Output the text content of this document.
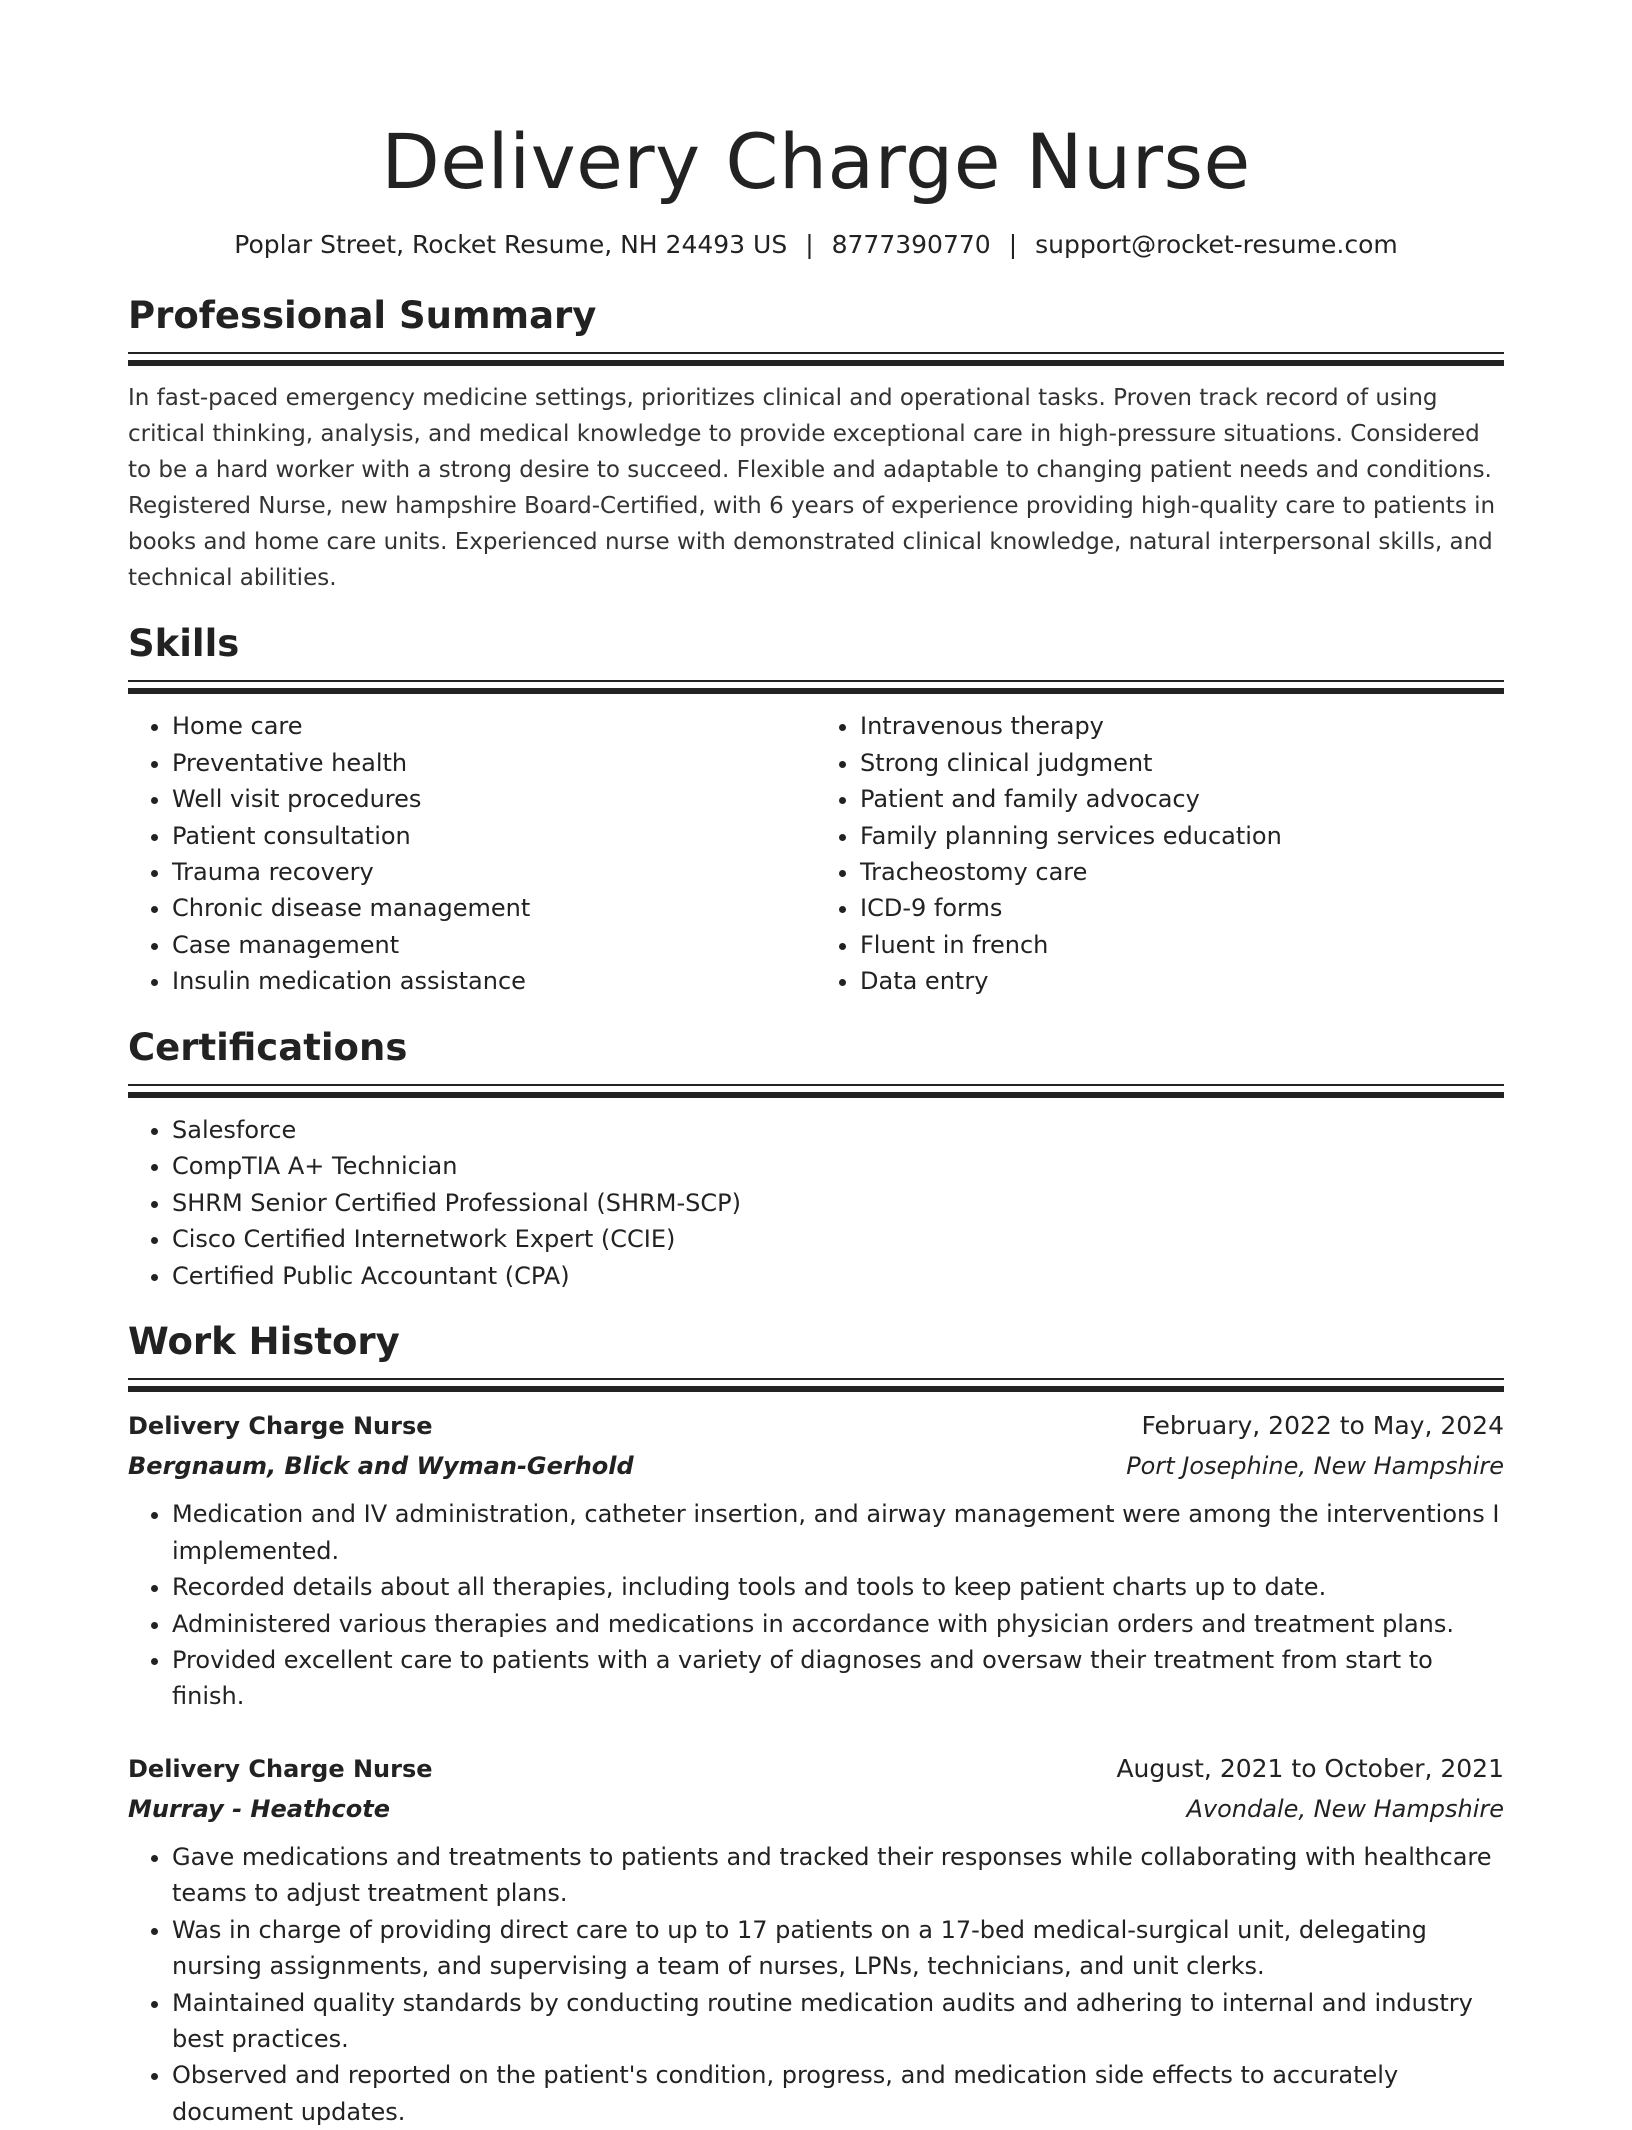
Delivery Charge Nurse
Poplar Street, Rocket Resume, NH 24493 US | 8777390770 | support@rocket-resume.com
Professional Summary

In fast-paced emergency medicine settings, prioritizes clinical and operational tasks. Proven track record of using critical thinking, analysis, and medical knowledge to provide exceptional care in high-pressure situations. Considered to be a hard worker with a strong desire to succeed. Flexible and adaptable to changing patient needs and conditions. Registered Nurse, new hampshire Board-Certified, with 6 years of experience providing high-quality care to patients in books and home care units. Experienced nurse with demonstrated clinical knowledge, natural interpersonal skills, and technical abilities.

Skills
• Home care
• Preventative health
• Well visit procedures
• Patient consultation
• Trauma recovery
• Chronic disease management
• Case management
• Insulin medication assistance
• Intravenous therapy
• Strong clinical judgment
• Patient and family advocacy
• Family planning services education
• Tracheostomy care
• ICD-9 forms
• Fluent in french
• Data entry
Certifications
• Salesforce
• CompTIA A+ Technician
• SHRM Senior Certified Professional (SHRM-SCP)
• Cisco Certified Internetwork Expert (CCIE)
• Certified Public Accountant (CPA)
Work History
Delivery Charge Nurse	February, 2022 to May, 2024
Bergnaum, Blick and Wyman-Gerhold	Port Josephine, New Hampshire
• Medication and IV administration, catheter insertion, and airway management were among the interventions I implemented.
• Recorded details about all therapies, including tools and tools to keep patient charts up to date.
• Administered various therapies and medications in accordance with physician orders and treatment plans.
• Provided excellent care to patients with a variety of diagnoses and oversaw their treatment from start to finish.
Delivery Charge Nurse	August, 2021 to October, 2021
Murray - Heathcote	Avondale, New Hampshire
• Gave medications and treatments to patients and tracked their responses while collaborating with healthcare teams to adjust treatment plans.
• Was in charge of providing direct care to up to 17 patients on a 17-bed medical-surgical unit, delegating nursing assignments, and supervising a team of nurses, LPNs, technicians, and unit clerks.
• Maintained quality standards by conducting routine medication audits and adhering to internal and industry best practices.
• Observed and reported on the patient's condition, progress, and medication side effects to accurately document updates.
